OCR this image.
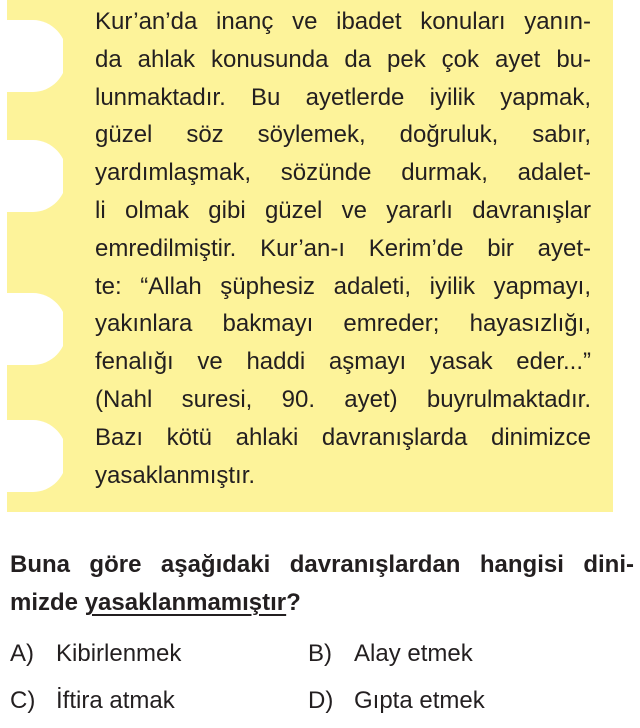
Kur’an’da inanç ve ibadet konuları yanın-
da ahlak konusunda da pek çok ayet bu-
lunmaktadır. Bu ayetlerde iyilik yapmak,
güzel söz söylemek, doğruluk, sabır,
yardımlaşmak, sözünde durmak, adalet-
li olmak gibi güzel ve yararlı davranışlar
emredilmiştir. Kur’an-ı Kerim’de bir ayet-
te: “Allah şüphesiz adaleti, iyilik yapmayı,
yakınlara bakmayı emreder; hayasızlığı,
fenalığı ve haddi aşmayı yasak eder...”
(Nahl suresi, 90. ayet) buyrulmaktadır.
Bazı kötü ahlaki davranışlarda dinimizce
yasaklanmıştır.

Buna göre aşağıdaki davranışlardan hangisi dini-
mizde yasaklanmamıştır?
A) Kibirlenmek	B) Alay etmek
C) İftira atmak	D) Gıpta etmek
